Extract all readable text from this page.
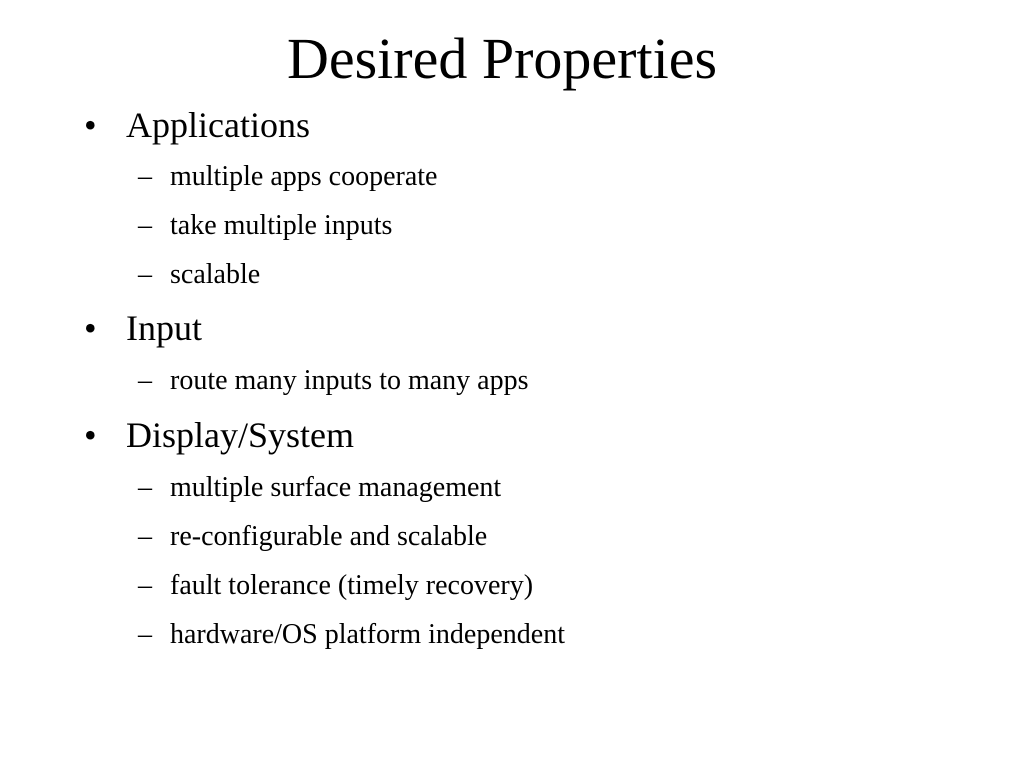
Desired Properties
• Applications
– multiple apps cooperate
– take multiple inputs
– scalable
• Input
– route many inputs to many apps
• Display/System
– multiple surface management
– re-configurable and scalable
– fault tolerance (timely recovery)
– hardware/OS platform independent
